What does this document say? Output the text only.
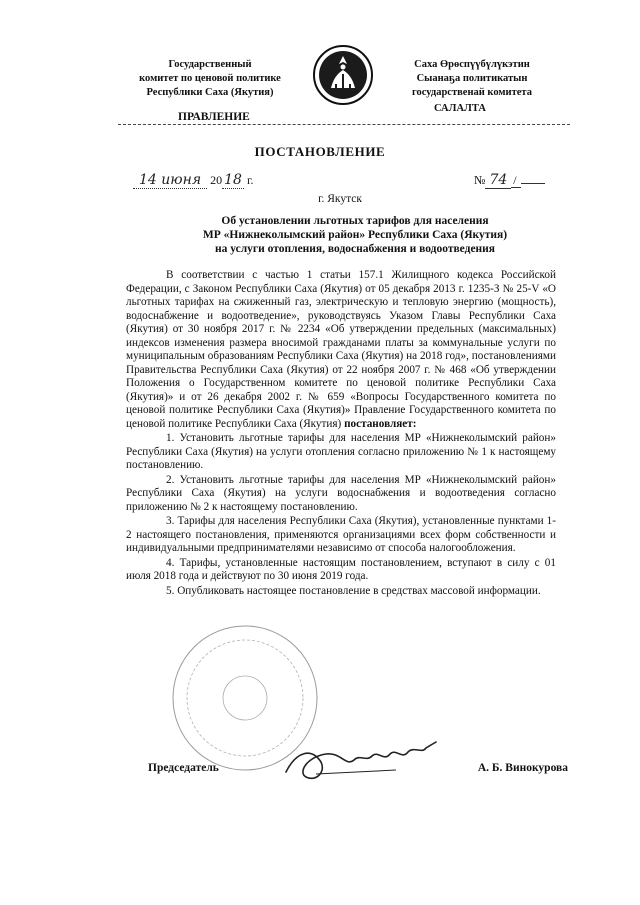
Государственный
комитет по ценовой политике
Республики Саха (Якутия)
Саха Өрөспүүбүлүкэтин
Сыанаҕа политикатын
государственай комитета
ПРАВЛЕНИЕ
САЛАЛТА
ПОСТАНОВЛЕНИЕ
14 июня 20 18 г.	№ 74 /
г. Якутск
Об установлении льготных тарифов для населения
МР «Нижнеколымский район» Республики Саха (Якутия)
на услуги отопления, водоснабжения и водоотведения

В соответствии с частью 1 статьи 157.1 Жилищного кодекса Российской Федерации, с Законом Республики Саха (Якутия) от 05 декабря 2013 г. 1235-З № 25-V «О льготных тарифах на сжиженный газ, электрическую и тепловую энергию (мощность), водоснабжение и водоотведение», руководствуясь Указом Главы Республики Саха (Якутия) от 30 ноября 2017 г. № 2234 «Об утверждении предельных (максимальных) индексов изменения размера вносимой гражданами платы за коммунальные услуги по муниципальным образованиям Республики Саха (Якутия) на 2018 год», постановлениями Правительства Республики Саха (Якутия) от 22 ноября 2007 г. № 468 «Об утверждении Положения о Государственном комитете по ценовой политике Республики Саха (Якутия)» и от 26 декабря 2002 г. № 659 «Вопросы Государственного комитета по ценовой политике Республики Саха (Якутия)» Правление Государственного комитета по ценовой политике Республики Саха (Якутия) постановляет:

1. Установить льготные тарифы для населения МР «Нижнеколымский район» Республики Саха (Якутия) на услуги отопления согласно приложению № 1 к настоящему постановлению.

2. Установить льготные тарифы для населения МР «Нижнеколымский район» Республики Саха (Якутия) на услуги водоснабжения и водоотведения согласно приложению № 2 к настоящему постановлению.

3. Тарифы для населения Республики Саха (Якутия), установленные пунктами 1-2 настоящего постановления, применяются организациями всех форм собственности и индивидуальными предпринимателями независимо от способа налогообложения.

4. Тарифы, установленные настоящим постановлением, вступают в силу с 01 июля 2018 года и действуют по 30 июня 2019 года.

5. Опубликовать настоящее постановление в средствах массовой информации.

Председатель	А. Б. Винокурова
